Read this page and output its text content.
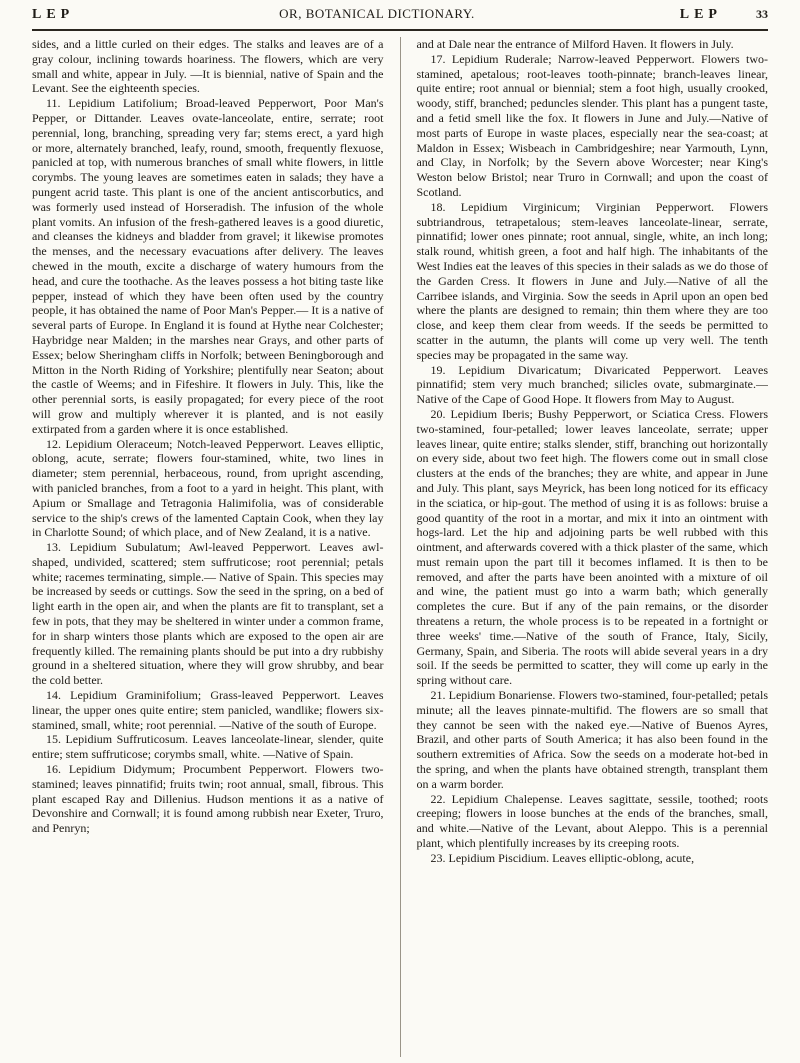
LEP	OR, BOTANICAL DICTIONARY.	LEP	33

sides, and a little curled on their edges. The stalks and leaves are of a gray colour, inclining towards hoariness. The flowers, which are very small and white, appear in July. —It is biennial, native of Spain and the Levant. See the eighteenth species.

11. Lepidium Latifolium; Broad-leaved Pepperwort, Poor Man's Pepper, or Dittander. Leaves ovate-lanceolate, entire, serrate; root perennial, long, branching, spreading very far; stems erect, a yard high or more, alternately branched, leafy, round, smooth, frequently flexuose, panicled at top, with numerous branches of small white flowers, in little corymbs. The young leaves are sometimes eaten in salads; they have a pungent acrid taste. This plant is one of the ancient antiscorbutics, and was formerly used instead of Horseradish. The infusion of the whole plant vomits. An infusion of the fresh-gathered leaves is a good diuretic, and cleanses the kidneys and bladder from gravel; it likewise promotes the menses, and the necessary evacuations after delivery. The leaves chewed in the mouth, excite a discharge of watery humours from the head, and cure the toothache. As the leaves possess a hot biting taste like pepper, instead of which they have been often used by the country people, it has obtained the name of Poor Man's Pepper.— It is a native of several parts of Europe. In England it is found at Hythe near Colchester; Haybridge near Malden; in the marshes near Grays, and other parts of Essex; below Sheringham cliffs in Norfolk; between Beningborough and Mitton in the North Riding of Yorkshire; plentifully near Seaton; about the castle of Weems; and in Fifeshire. It flowers in July. This, like the other perennial sorts, is easily propagated; for every piece of the root will grow and multiply wherever it is planted, and is not easily extirpated from a garden where it is once established.

12. Lepidium Oleraceum; Notch-leaved Pepperwort. Leaves elliptic, oblong, acute, serrate; flowers four-stamined, white, two lines in diameter; stem perennial, herbaceous, round, from upright ascending, with panicled branches, from a foot to a yard in height. This plant, with Apium or Smallage and Tetragonia Halimifolia, was of considerable service to the ship's crews of the lamented Captain Cook, when they lay in Charlotte Sound; of which place, and of New Zealand, it is a native.

13. Lepidium Subulatum; Awl-leaved Pepperwort. Leaves awl-shaped, undivided, scattered; stem suffruticose; root perennial; petals white; racemes terminating, simple.— Native of Spain. This species may be increased by seeds or cuttings. Sow the seed in the spring, on a bed of light earth in the open air, and when the plants are fit to transplant, set a few in pots, that they may be sheltered in winter under a common frame, for in sharp winters those plants which are exposed to the open air are frequently killed. The remaining plants should be put into a dry rubbishy ground in a sheltered situation, where they will grow shrubby, and bear the cold better.

14. Lepidium Graminifolium; Grass-leaved Pepperwort. Leaves linear, the upper ones quite entire; stem panicled, wandlike; flowers six-stamined, small, white; root perennial. —Native of the south of Europe.

15. Lepidium Suffruticosum. Leaves lanceolate-linear, slender, quite entire; stem suffruticose; corymbs small, white. —Native of Spain.

16. Lepidium Didymum; Procumbent Pepperwort. Flowers two-stamined; leaves pinnatifid; fruits twin; root annual, small, fibrous. This plant escaped Ray and Dillenius. Hudson mentions it as a native of Devonshire and Cornwall; it is found among rubbish near Exeter, Truro, and Penryn;

and at Dale near the entrance of Milford Haven. It flowers in July.

17. Lepidium Ruderale; Narrow-leaved Pepperwort. Flowers two-stamined, apetalous; root-leaves tooth-pinnate; branch-leaves linear, quite entire; root annual or biennial; stem a foot high, usually crooked, woody, stiff, branched; peduncles slender. This plant has a pungent taste, and a fetid smell like the fox. It flowers in June and July.—Native of most parts of Europe in waste places, especially near the sea-coast; at Maldon in Essex; Wisbeach in Cambridgeshire; near Yarmouth, Lynn, and Clay, in Norfolk; by the Severn above Worcester; near King's Weston below Bristol; near Truro in Cornwall; and upon the coast of Scotland.

18. Lepidium Virginicum; Virginian Pepperwort. Flowers subtriandrous, tetrapetalous; stem-leaves lanceolate-linear, serrate, pinnatifid; lower ones pinnate; root annual, single, white, an inch long; stalk round, whitish green, a foot and half high. The inhabitants of the West Indies eat the leaves of this species in their salads as we do those of the Garden Cress. It flowers in June and July.—Native of all the Carribee islands, and Virginia. Sow the seeds in April upon an open bed where the plants are designed to remain; thin them where they are too close, and keep them clear from weeds. If the seeds be permitted to scatter in the autumn, the plants will come up very well. The tenth species may be propagated in the same way.

19. Lepidium Divaricatum; Divaricated Pepperwort. Leaves pinnatifid; stem very much branched; silicles ovate, submarginate.—Native of the Cape of Good Hope. It flowers from May to August.

20. Lepidium Iberis; Bushy Pepperwort, or Sciatica Cress. Flowers two-stamined, four-petalled; lower leaves lanceolate, serrate; upper leaves linear, quite entire; stalks slender, stiff, branching out horizontally on every side, about two feet high. The flowers come out in small close clusters at the ends of the branches; they are white, and appear in June and July. This plant, says Meyrick, has been long noticed for its efficacy in the sciatica, or hip-gout. The method of using it is as follows: bruise a good quantity of the root in a mortar, and mix it into an ointment with hogs-lard. Let the hip and adjoining parts be well rubbed with this ointment, and afterwards covered with a thick plaster of the same, which must remain upon the part till it becomes inflamed. It is then to be removed, and after the parts have been anointed with a mixture of oil and wine, the patient must go into a warm bath; which generally completes the cure. But if any of the pain remains, or the disorder threatens a return, the whole process is to be repeated in a fortnight or three weeks' time.—Native of the south of France, Italy, Sicily, Germany, Spain, and Siberia. The roots will abide several years in a dry soil. If the seeds be permitted to scatter, they will come up early in the spring without care.

21. Lepidium Bonariense. Flowers two-stamined, four-petalled; petals minute; all the leaves pinnate-multifid. The flowers are so small that they cannot be seen with the naked eye.—Native of Buenos Ayres, Brazil, and other parts of South America; it has also been found in the southern extremities of Africa. Sow the seeds on a moderate hot-bed in the spring, and when the plants have obtained strength, transplant them on a warm border.

22. Lepidium Chalepense. Leaves sagittate, sessile, toothed; roots creeping; flowers in loose bunches at the ends of the branches, small, and white.—Native of the Levant, about Aleppo. This is a perennial plant, which plentifully increases by its creeping roots.

23. Lepidium Piscidium. Leaves elliptic-oblong, acute,
